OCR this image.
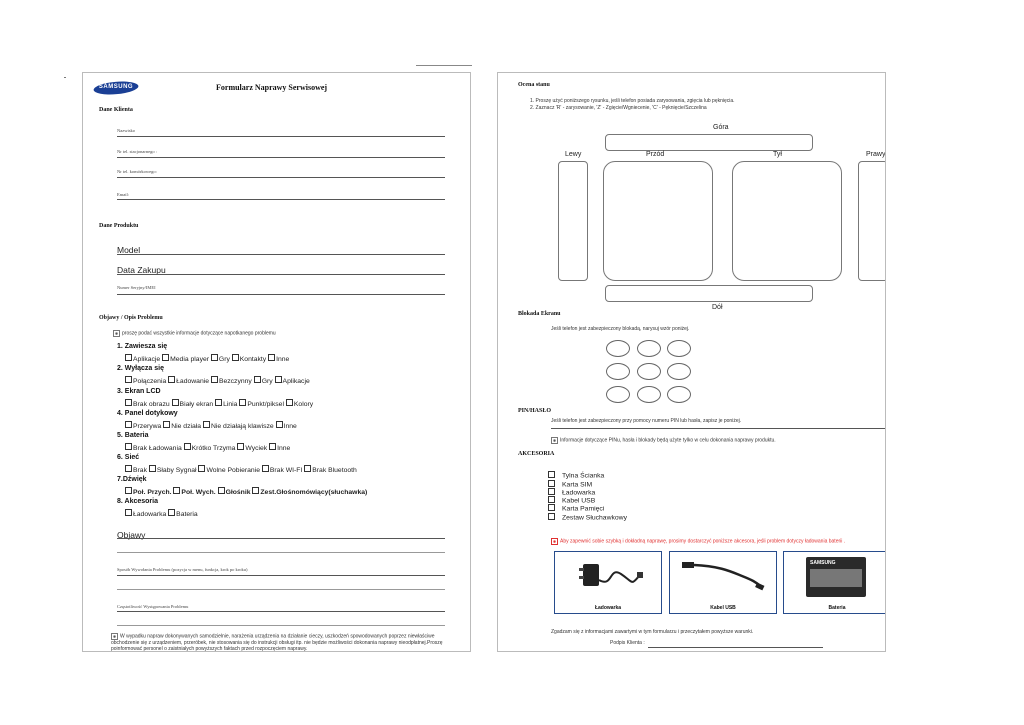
SAMSUNG	Formularz Naprawy Serwisowej
Dane Klienta
Nazwisko
Nr tel. stacjonarnego :
Nr tel. komórkowego:
Email:
Dane Produktu
Model
Data Zakupu
Numer Seryjny/IMEI
Objawy / Opis Problemu
✱ proszę podać wszystkie informacje dotyczące napotkanego problemu
1. Zawiesza się
Aplikacje Media player Gry Kontakty Inne
2. Wyłącza się
Połączenia Ładowanie Bezczynny Gry Aplikacje
3. Ekran LCD
Brak obrazu Biały ekran Linia Punkt/piksel Kolory
4. Panel dotykowy
Przerywa Nie działa Nie działają klawisze Inne
5. Bateria
Brak Ładowania Krótko Trzyma Wyciek Inne
6. Sieć
Brak Słaby Sygnał Wolne Pobieranie Brak WI-FI Brak Bluetooth
7.Dźwięk
Poł. Przych. Poł. Wych. Głośnik Zest.Głośnomówiący(słuchawka)
8. Akcesoria
Ładowarka Bateria
Objawy
Sposób Wywołania Problemu (pozycja w menu, funkcja, krok po kroku)
Częstotliwość Występowania Problemu
✱ W wypadku napraw dokonywanych samodzielnie, narażenia urządzenia na działanie cieczy, uszkodzeń spowodowanych poprzez niewłaściwe obchodzenie się z urządzeniem, przeróbek, nie stosowania się do instrukcji obsługi itp. nie będzie możliwości dokonania naprawy nieodpłatnej.Proszę poinformować personel o zaistniałych powyższych faktach przed rozpoczęciem naprawy.
Ocena stanu
1. Proszę użyć poniższego rysunku, jeśli telefon posiada zarysowania, zgięcia lub pęknięcia.
2. Zaznacz 'R' - zarysowanie, 'Z' - Zgięcie/Wgniecenie, 'C' - Pęknięcie/Szczelina
Góra
Lewy	Przód	Tył	Prawy
Dół
Blokada Ekranu
Jeśli telefon jest zabezpieczony blokadą, narysuj wzór poniżej.
PIN/HASŁO
Jeśli telefon jest zabezpieczony przy pomocy numeru PIN lub hasła, zapisz je poniżej.
✱ Informacje dotyczące PINu, hasła i blokady będą użyte tylko w celu dokonania naprawy produktu.
AKCESORIA
Tylna Ścianka
Karta SIM
Ładowarka
Kabel USB
Karta Pamięci
Zestaw Słuchawkowy
✱ Aby zapewnić sobie szybką i dokładną naprawę, prosimy dostarczyć poniższe akcesora, jeśli problem dotyczy ładowania baterii .
Ładowarka	Kabel USB
SAMSUNG
Bateria
Zgadzam się z informacjami zawartymi w tym formularzu i przeczytałem powyższe warunki.
Podpis Klienta :
